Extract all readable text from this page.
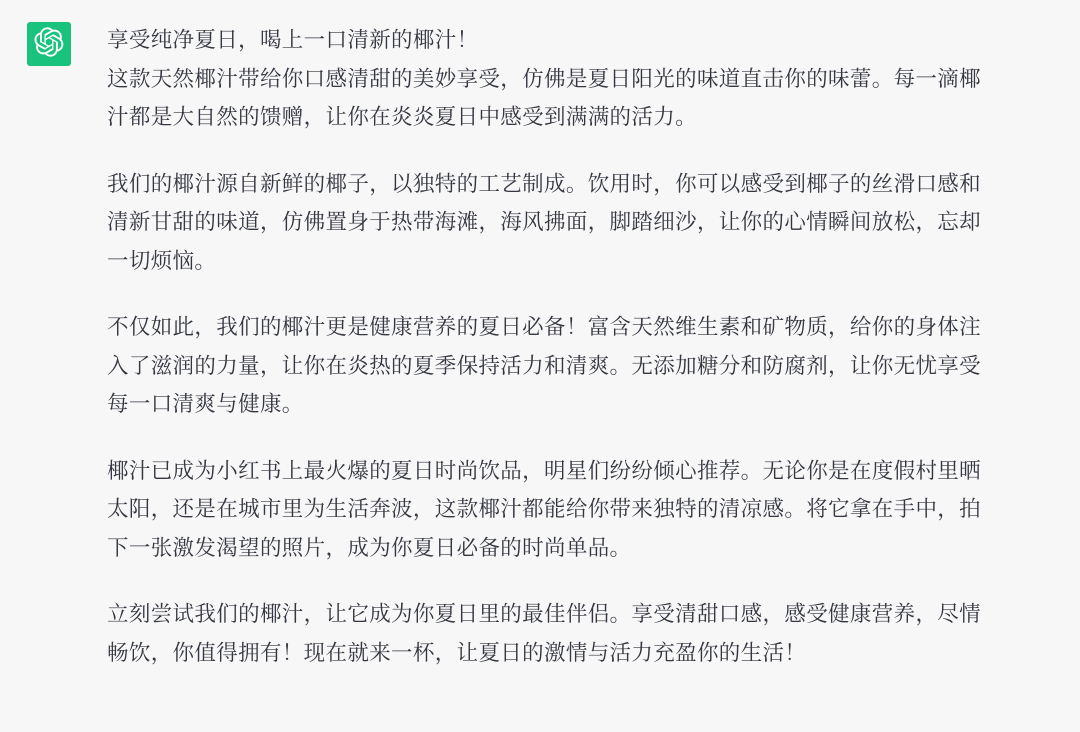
享受纯净夏日，喝上一口清新的椰汁！
这款天然椰汁带给你口感清甜的美妙享受，仿佛是夏日阳光的味道直击你的味蕾。每一滴椰
汁都是大自然的馈赠，让你在炎炎夏日中感受到满满的活力。

我们的椰汁源自新鲜的椰子，以独特的工艺制成。饮用时，你可以感受到椰子的丝滑口感和
清新甘甜的味道，仿佛置身于热带海滩，海风拂面，脚踏细沙，让你的心情瞬间放松，忘却
一切烦恼。

不仅如此，我们的椰汁更是健康营养的夏日必备！富含天然维生素和矿物质，给你的身体注
入了滋润的力量，让你在炎热的夏季保持活力和清爽。无添加糖分和防腐剂，让你无忧享受
每一口清爽与健康。

椰汁已成为小红书上最火爆的夏日时尚饮品，明星们纷纷倾心推荐。无论你是在度假村里晒
太阳，还是在城市里为生活奔波，这款椰汁都能给你带来独特的清凉感。将它拿在手中，拍
下一张激发渴望的照片，成为你夏日必备的时尚单品。

立刻尝试我们的椰汁，让它成为你夏日里的最佳伴侣。享受清甜口感，感受健康营养，尽情
畅饮，你值得拥有！现在就来一杯，让夏日的激情与活力充盈你的生活！
